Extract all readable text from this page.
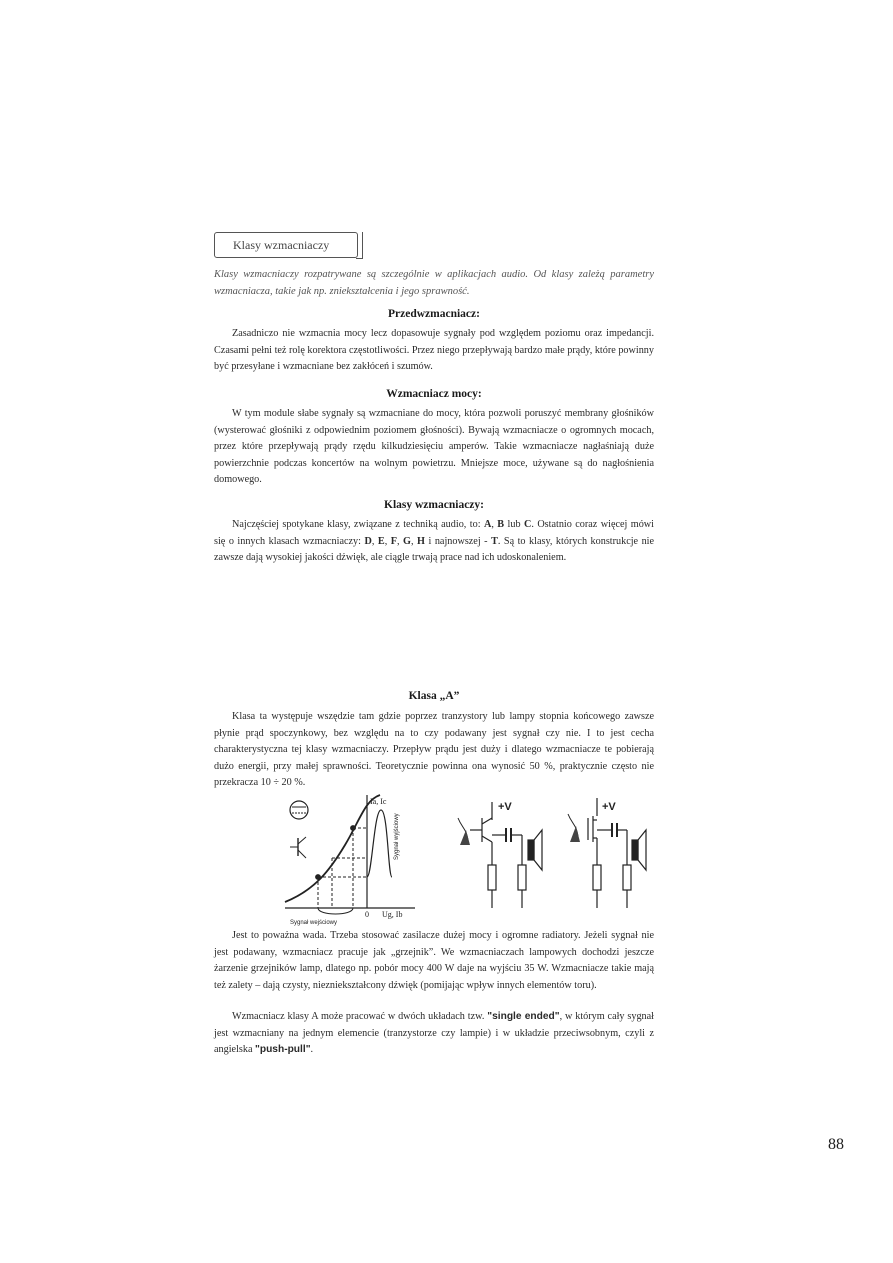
Klasy wzmacniaczy

Klasy wzmacniaczy rozpatrywane są szczególnie w aplikacjach audio. Od klasy zależą parametry wzmacniacza, takie jak np. zniekształcenia i jego sprawność.

Przedwzmacniacz:

Zasadniczo nie wzmacnia mocy lecz dopasowuje sygnały pod względem poziomu oraz impedancji. Czasami pełni też rolę korektora częstotliwości. Przez niego przepływają bardzo małe prądy, które powinny być przesyłane i wzmacniane bez zakłóceń i szumów.

Wzmacniacz mocy:

W tym module słabe sygnały są wzmacniane do mocy, która pozwoli poruszyć membrany głośników (wysterować głośniki z odpowiednim poziomem głośności). Bywają wzmacniacze o ogromnych mocach, przez które przepływają prądy rzędu kilkudziesięciu amperów. Takie wzmacniacze nagłaśniają duże powierzchnie podczas koncertów na wolnym powietrzu. Mniejsze moce, używane są do nagłośnienia domowego.

Klasy wzmacniaczy:

Najczęściej spotykane klasy, związane z techniką audio, to: A, B lub C. Ostatnio coraz więcej mówi się o innych klasach wzmacniaczy: D, E, F, G, H i najnowszej - T. Są to klasy, których konstrukcje nie zawsze dają wysokiej jakości dźwięk, ale ciągle trwają prace nad ich udoskonaleniem.

Klasa „A”

Klasa ta występuje wszędzie tam gdzie poprzez tranzystory lub lampy stopnia końcowego zawsze płynie prąd spoczynkowy, bez względu na to czy podawany jest sygnał czy nie. I to jest cecha charakterystyczna tej klasy wzmacniaczy. Przepływ prądu jest duży i dlatego wzmacniacze te pobierają dużo energii, przy małej sprawności. Teoretycznie powinna ona wynosić 50 %, praktycznie często nie przekracza 10 ÷ 20 %.

Ia, Ic
Sygnał wyjściowy
Sygnał wejściowy
0 Ug, Ib
+V	+V

Jest to poważna wada. Trzeba stosować zasilacze dużej mocy i ogromne radiatory. Jeżeli sygnał nie jest podawany, wzmacniacz pracuje jak „grzejnik”. We wzmacniaczach lampowych dochodzi jeszcze żarzenie grzejników lamp, dlatego np. pobór mocy 400 W daje na wyjściu 35 W. Wzmacniacze takie mają też zalety – dają czysty, niezniekształcony dźwięk (pomijając wpływ innych elementów toru).

Wzmacniacz klasy A może pracować w dwóch układach tzw. "single ended", w którym cały sygnał jest wzmacniany na jednym elemencie (tranzystorze czy lampie) i w układzie przeciwsobnym, czyli z angielska "push-pull".

88
